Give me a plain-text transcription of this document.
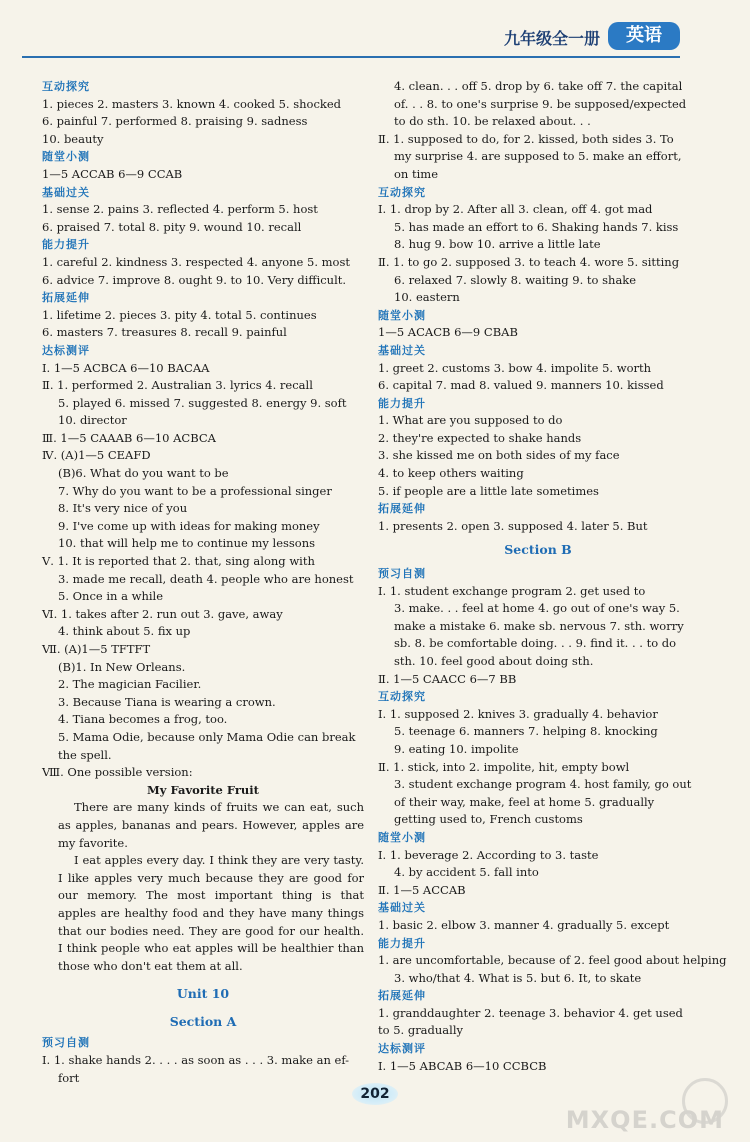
九年级全一册	英语
互动探究
1. pieces 2. masters 3. known 4. cooked 5. shocked
6. painful 7. performed 8. praising 9. sadness
10. beauty
随堂小测
1—5 ACCAB 6—9 CCAB
基础过关
1. sense 2. pains 3. reflected 4. perform 5. host
6. praised 7. total 8. pity 9. wound 10. recall
能力提升
1. careful 2. kindness 3. respected 4. anyone 5. most
6. advice 7. improve 8. ought 9. to 10. Very difficult.
拓展延伸
1. lifetime 2. pieces 3. pity 4. total 5. continues
6. masters 7. treasures 8. recall 9. painful
达标测评
Ⅰ. 1—5 ACBCA 6—10 BACAA
Ⅱ. 1. performed 2. Australian 3. lyrics 4. recall
5. played 6. missed 7. suggested 8. energy 9. soft
10. director
Ⅲ. 1—5 CAAAB 6—10 ACBCA
Ⅳ. (A)1—5 CEAFD
(B)6. What do you want to be
7. Why do you want to be a professional singer
8. It's very nice of you
9. I've come up with ideas for making money
10. that will help me to continue my lessons
Ⅴ. 1. It is reported that 2. that, sing along with
3. made me recall, death 4. people who are honest
5. Once in a while
Ⅵ. 1. takes after 2. run out 3. gave, away
4. think about 5. fix up
Ⅶ. (A)1—5 TFTFT
(B)1. In New Orleans.
2. The magician Facilier.
3. Because Tiana is wearing a crown.
4. Tiana becomes a frog, too.
5. Mama Odie, because only Mama Odie can break
the spell.
Ⅷ. One possible version:
My Favorite Fruit
There are many kinds of fruits we can eat, such as apples, bananas and pears. However, apples are my favorite.
I eat apples every day. I think they are very tasty. I like apples very much because they are good for our memory. The most important thing is that apples are healthy food and they have many things that our bodies need. They are good for our health. I think people who eat apples will be healthier than those who don't eat them at all.
Unit 10
Section A
预习自测
Ⅰ. 1. shake hands 2. . . . as soon as . . . 3. make an ef-
fort
4. clean. . . off 5. drop by 6. take off 7. the capital
of. . . 8. to one's surprise 9. be supposed/expected
to do sth. 10. be relaxed about. . .
Ⅱ. 1. supposed to do, for 2. kissed, both sides 3. To
my surprise 4. are supposed to 5. make an effort,
on time
互动探究
Ⅰ. 1. drop by 2. After all 3. clean, off 4. got mad
5. has made an effort to 6. Shaking hands 7. kiss
8. hug 9. bow 10. arrive a little late
Ⅱ. 1. to go 2. supposed 3. to teach 4. wore 5. sitting
6. relaxed 7. slowly 8. waiting 9. to shake
10. eastern
随堂小测
1—5 ACACB 6—9 CBAB
基础过关
1. greet 2. customs 3. bow 4. impolite 5. worth
6. capital 7. mad 8. valued 9. manners 10. kissed
能力提升
1. What are you supposed to do
2. they're expected to shake hands
3. she kissed me on both sides of my face
4. to keep others waiting
5. if people are a little late sometimes
拓展延伸
1. presents 2. open 3. supposed 4. later 5. But
Section B
预习自测
Ⅰ. 1. student exchange program 2. get used to
3. make. . . feel at home 4. go out of one's way 5.
make a mistake 6. make sb. nervous 7. sth. worry
sb. 8. be comfortable doing. . . 9. find it. . . to do
sth. 10. feel good about doing sth.
Ⅱ. 1—5 CAACC 6—7 BB
互动探究
Ⅰ. 1. supposed 2. knives 3. gradually 4. behavior
5. teenage 6. manners 7. helping 8. knocking
9. eating 10. impolite
Ⅱ. 1. stick, into 2. impolite, hit, empty bowl
3. student exchange program 4. host family, go out
of their way, make, feel at home 5. gradually
getting used to, French customs
随堂小测
Ⅰ. 1. beverage 2. According to 3. taste
4. by accident 5. fall into
Ⅱ. 1—5 ACCAB
基础过关
1. basic 2. elbow 3. manner 4. gradually 5. except
能力提升
1. are uncomfortable, because of 2. feel good about helping
3. who/that 4. What is 5. but 6. It, to skate
拓展延伸
1. granddaughter 2. teenage 3. behavior 4. get used
to 5. gradually
达标测评
Ⅰ. 1—5 ABCAB 6—10 CCBCB
202
MXQE.COM
